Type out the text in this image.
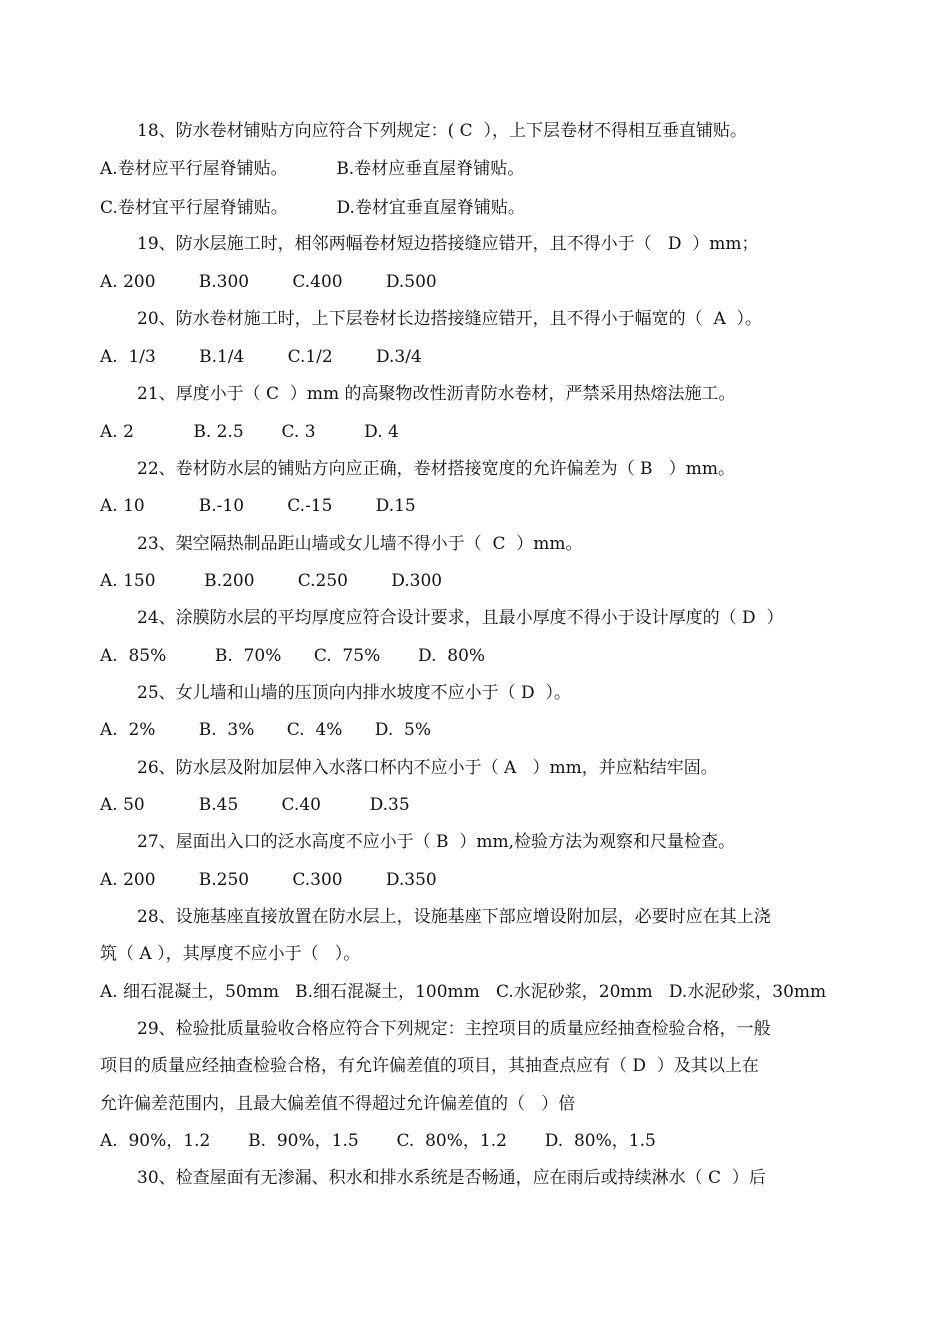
18、防水卷材铺贴方向应符合下列规定：( C  ），上下层卷材不得相互垂直铺贴。
A.卷材应平行屋脊铺贴。         B.卷材应垂直屋脊铺贴。
C.卷材宜平行屋脊铺贴。         D.卷材宜垂直屋脊铺贴。
19、防水层施工时，相邻两幅卷材短边搭接缝应错开，且不得小于（   D  ）mm；
A. 200        B.300        C.400        D.500
20、防水卷材施工时，上下层卷材长边搭接缝应错开，且不得小于幅宽的（  A  ）。
A.  1/3        B.1/4        C.1/2        D.3/4
21、厚度小于（ C  ）mm 的高聚物改性沥青防水卷材，严禁采用热熔法施工。
A. 2           B. 2.5       C. 3         D. 4
22、卷材防水层的铺贴方向应正确，卷材搭接宽度的允许偏差为（ B   ）mm。
A. 10          B.-10        C.-15        D.15
23、架空隔热制品距山墙或女儿墙不得小于（  C  ）mm。
A. 150         B.200        C.250        D.300
24、涂膜防水层的平均厚度应符合设计要求，且最小厚度不得小于设计厚度的（ D  ）
A.  85%         B.  70%      C.  75%       D.  80%
25、女儿墙和山墙的压顶向内排水坡度不应小于（ D  ）。
A.  2%        B.  3%      C.  4%      D.  5%
26、防水层及附加层伸入水落口杯内不应小于（ A   ）mm，并应粘结牢固。
A. 50          B.45        C.40         D.35
27、屋面出入口的泛水高度不应小于（ B  ）mm,检验方法为观察和尺量检查。
A. 200        B.250        C.300        D.350
28、设施基座直接放置在防水层上，设施基座下部应增设附加层，必要时应在其上浇
筑（ A ），其厚度不应小于（   ）。
A. 细石混凝土，50mm   B.细石混凝土，100mm   C.水泥砂浆，20mm   D.水泥砂浆，30mm
29、检验批质量验收合格应符合下列规定：主控项目的质量应经抽查检验合格，一般
项目的质量应经抽查检验合格，有允许偏差值的项目，其抽查点应有（ D  ）及其以上在
允许偏差范围内，且最大偏差值不得超过允许偏差值的（   ）倍
A.  90%，1.2       B.  90%，1.5       C.  80%，1.2       D.  80%，1.5
30、检查屋面有无渗漏、积水和排水系统是否畅通，应在雨后或持续淋水（ C  ）后
